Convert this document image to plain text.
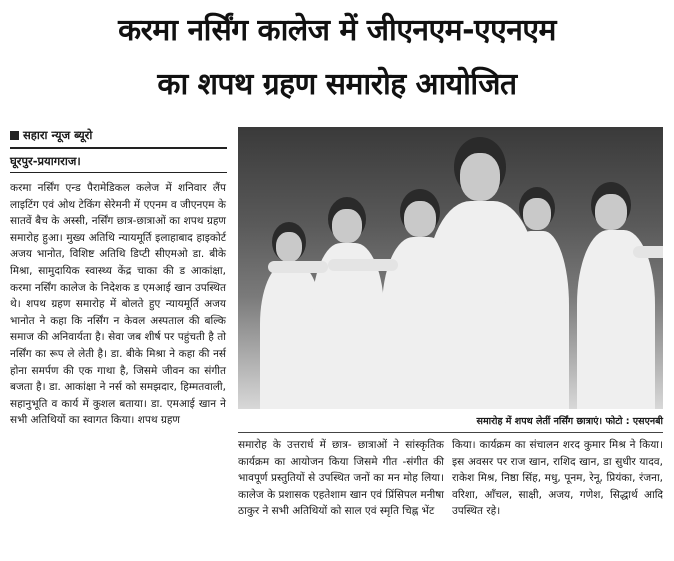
करमा नर्सिंग कालेज में जीएनएम-एएनएम
का शपथ ग्रहण समारोह आयोजित
सहारा न्यूज ब्यूरो
घूरपुर-प्रयागराज।

करमा नर्सिंग एन्ड पैरामेडिकल कलेज में शनिवार लैंप लाइटिंग एवं ओथ टेकिंग सेरेमनी में एएनम व जीएनएम के सातवें बैच के अस्सी, नर्सिंग छात्र-छात्राओं का शपथ ग्रहण समारोह हुआ। मुख्य अतिथि न्यायमूर्ति इलाहाबाद हाइकोर्ट अजय भानोत, विशिष्ट अतिथि डिप्टी सीएमओ डा. बीके मिश्रा, सामुदायिक स्वास्थ्य केंद्र चाका की ड आकांक्षा, करमा नर्सिंग कालेज के निदेशक ड एमआई खान उपस्थित थे। शपथ ग्रहण समारोह में बोलते हुए न्यायमूर्ति अजय भानोत ने कहा कि नर्सिंग न केवल अस्पताल की बल्कि समाज की अनिवार्यता है। सेवा जब शीर्ष पर पहुंचती है तो नर्सिंग का रूप ले लेती है। डा. बीके मिश्रा ने कहा की नर्स होना समर्पण की एक गाथा है, जिसमे जीवन का संगीत बजता है। डा. आकांक्षा ने नर्स को समझदार, हिम्मतवाली, सहानुभूति व कार्य में कुशल बताया। डा. एमआई खान ने सभी अतिथियों का स्वागत किया। शपथ ग्रहण	समारोह में शपथ लेतीं नर्सिंग छात्राएं। फोटो : एसएनबी

समारोह के उत्तरार्ध में छात्र- छात्राओं ने सांस्कृतिक कार्यक्रम का आयोजन किया जिसमे गीत -संगीत की भावपूर्ण प्रस्तुतियों से उपस्थित जनों का मन मोह लिया। कालेज के प्रशासक एहतेशाम खान एवं प्रिंसिपल मनीषा ठाकुर ने सभी अतिथियों को साल एवं स्मृति चिह्न भेंट

किया। कार्यक्रम का संचालन शरद कुमार मिश्र ने किया। इस अवसर पर राज खान, राशिद खान, डा सुधीर यादव, राकेश मिश्र, निष्ठा सिंह, मधु, पूनम, रेनू, प्रियंका, रंजना, वरिशा, आँचल, साक्षी, अजय, गणेश, सिद्धार्थ आदि उपस्थित रहे।
